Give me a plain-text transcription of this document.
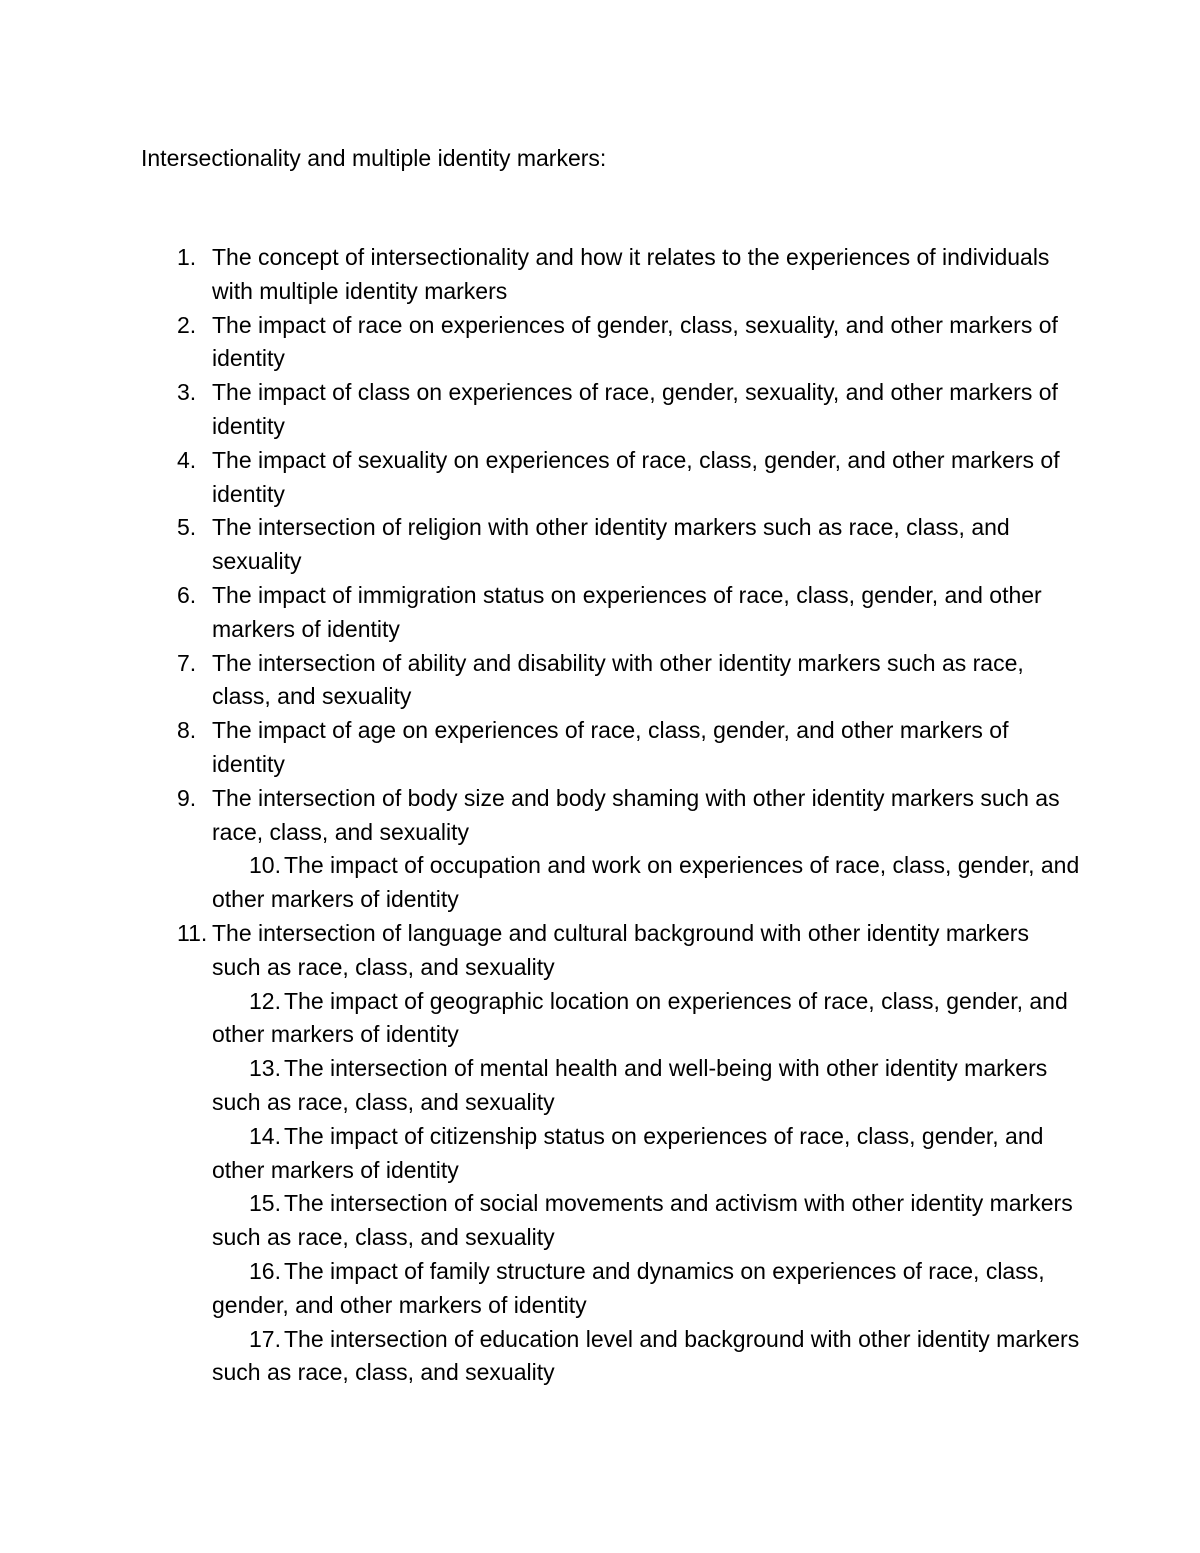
Intersectionality and multiple identity markers:
1. The concept of intersectionality and how it relates to the experiences of individuals with multiple identity markers
2. The impact of race on experiences of gender, class, sexuality, and other markers of identity
3. The impact of class on experiences of race, gender, sexuality, and other markers of identity
4. The impact of sexuality on experiences of race, class, gender, and other markers of identity
5. The intersection of religion with other identity markers such as race, class, and sexuality
6. The impact of immigration status on experiences of race, class, gender, and other markers of identity
7. The intersection of ability and disability with other identity markers such as race, class, and sexuality
8. The impact of age on experiences of race, class, gender, and other markers of identity
9. The intersection of body size and body shaming with other identity markers such as race, class, and sexuality
10. The impact of occupation and work on experiences of race, class, gender, and other markers of identity
11. The intersection of language and cultural background with other identity markers such as race, class, and sexuality
12. The impact of geographic location on experiences of race, class, gender, and other markers of identity
13. The intersection of mental health and well-being with other identity markers such as race, class, and sexuality
14. The impact of citizenship status on experiences of race, class, gender, and other markers of identity
15. The intersection of social movements and activism with other identity markers such as race, class, and sexuality
16. The impact of family structure and dynamics on experiences of race, class, gender, and other markers of identity
17. The intersection of education level and background with other identity markers such as race, class, and sexuality
